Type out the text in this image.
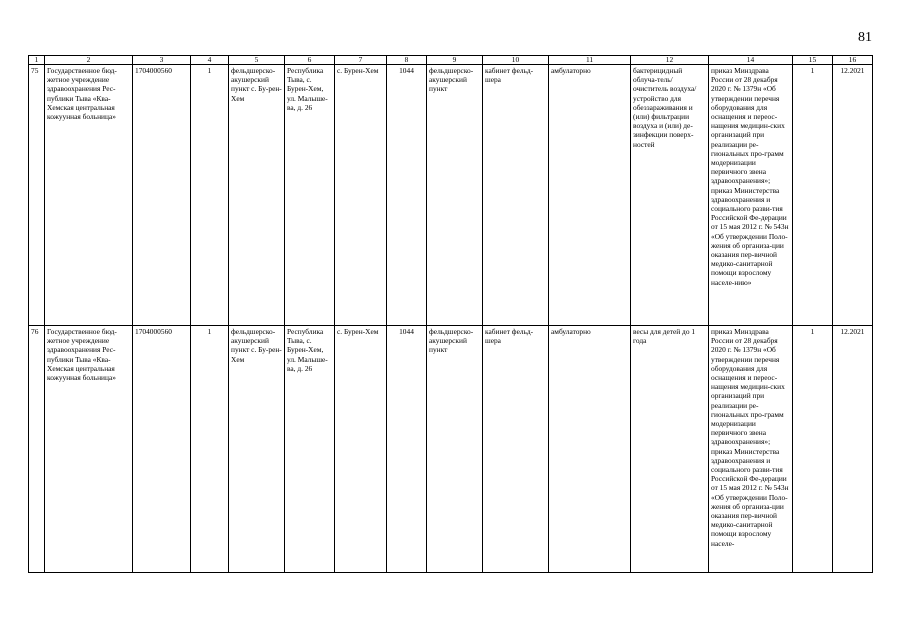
81
1	2	3	4	5	6	7	8	9	10	11	12	14	15	16
75	Государственное бюд-жетное учреждение здравоохранения Рес-публики Тыва «Ква-Хемская центральная кожуунная больница»	1704000560	1	фельдшерско-акушерский пункт с. Бу-рен-Хем	Республика Тыва, с. Бурен-Хем, ул. Малыше-ва, д. 26	с. Бурен-Хем	1044	фельдшерско-акушерский пункт	кабинет фельд-шера	амбулаторно	бактерицидный облуча-тель/очиститель воздуха/устройство для обеззараживания и (или) фильтрации воздуха и (или) де-зинфекции поверх-ностей	приказ Минздрава России от 28 декабря 2020 г. № 1379н «Об утверждении перечня оборудования для оснащения и переос-нащения медицин-ских организаций при реализации ре-гиональных про-грамм модернизации первичного звена здравоохранения»; приказ Министерства здравоохранения и социального разви-тия Российской Фе-дерации от 15 мая 2012 г. № 543н «Об утверждении Поло-жения об организа-ции оказания пер-вичной медико-санитарной помощи взрослому населе-нию»	1	12.2021
76	Государственное бюд-жетное учреждение здравоохранения Рес-публики Тыва «Ква-Хемская центральная кожуунная больница»	1704000560	1	фельдшерско-акушерский пункт с. Бу-рен-Хем	Республика Тыва, с. Бурен-Хем, ул. Малыше-ва, д. 26	с. Бурен-Хем	1044	фельдшерско-акушерский пункт	кабинет фельд-шера	амбулаторно	весы для детей до 1 года	приказ Минздрава России от 28 декабря 2020 г. № 1379н «Об утверждении перечня оборудования для оснащения и переос-нащения медицин-ских организаций при реализации ре-гиональных про-грамм модернизации первичного звена здравоохранения»; приказ Министерства здравоохранения и социального разви-тия Российской Фе-дерации от 15 мая 2012 г. № 543н «Об утверждении Поло-жения об организа-ции оказания пер-вичной медико-санитарной помощи взрослому населе-	1	12.2021
